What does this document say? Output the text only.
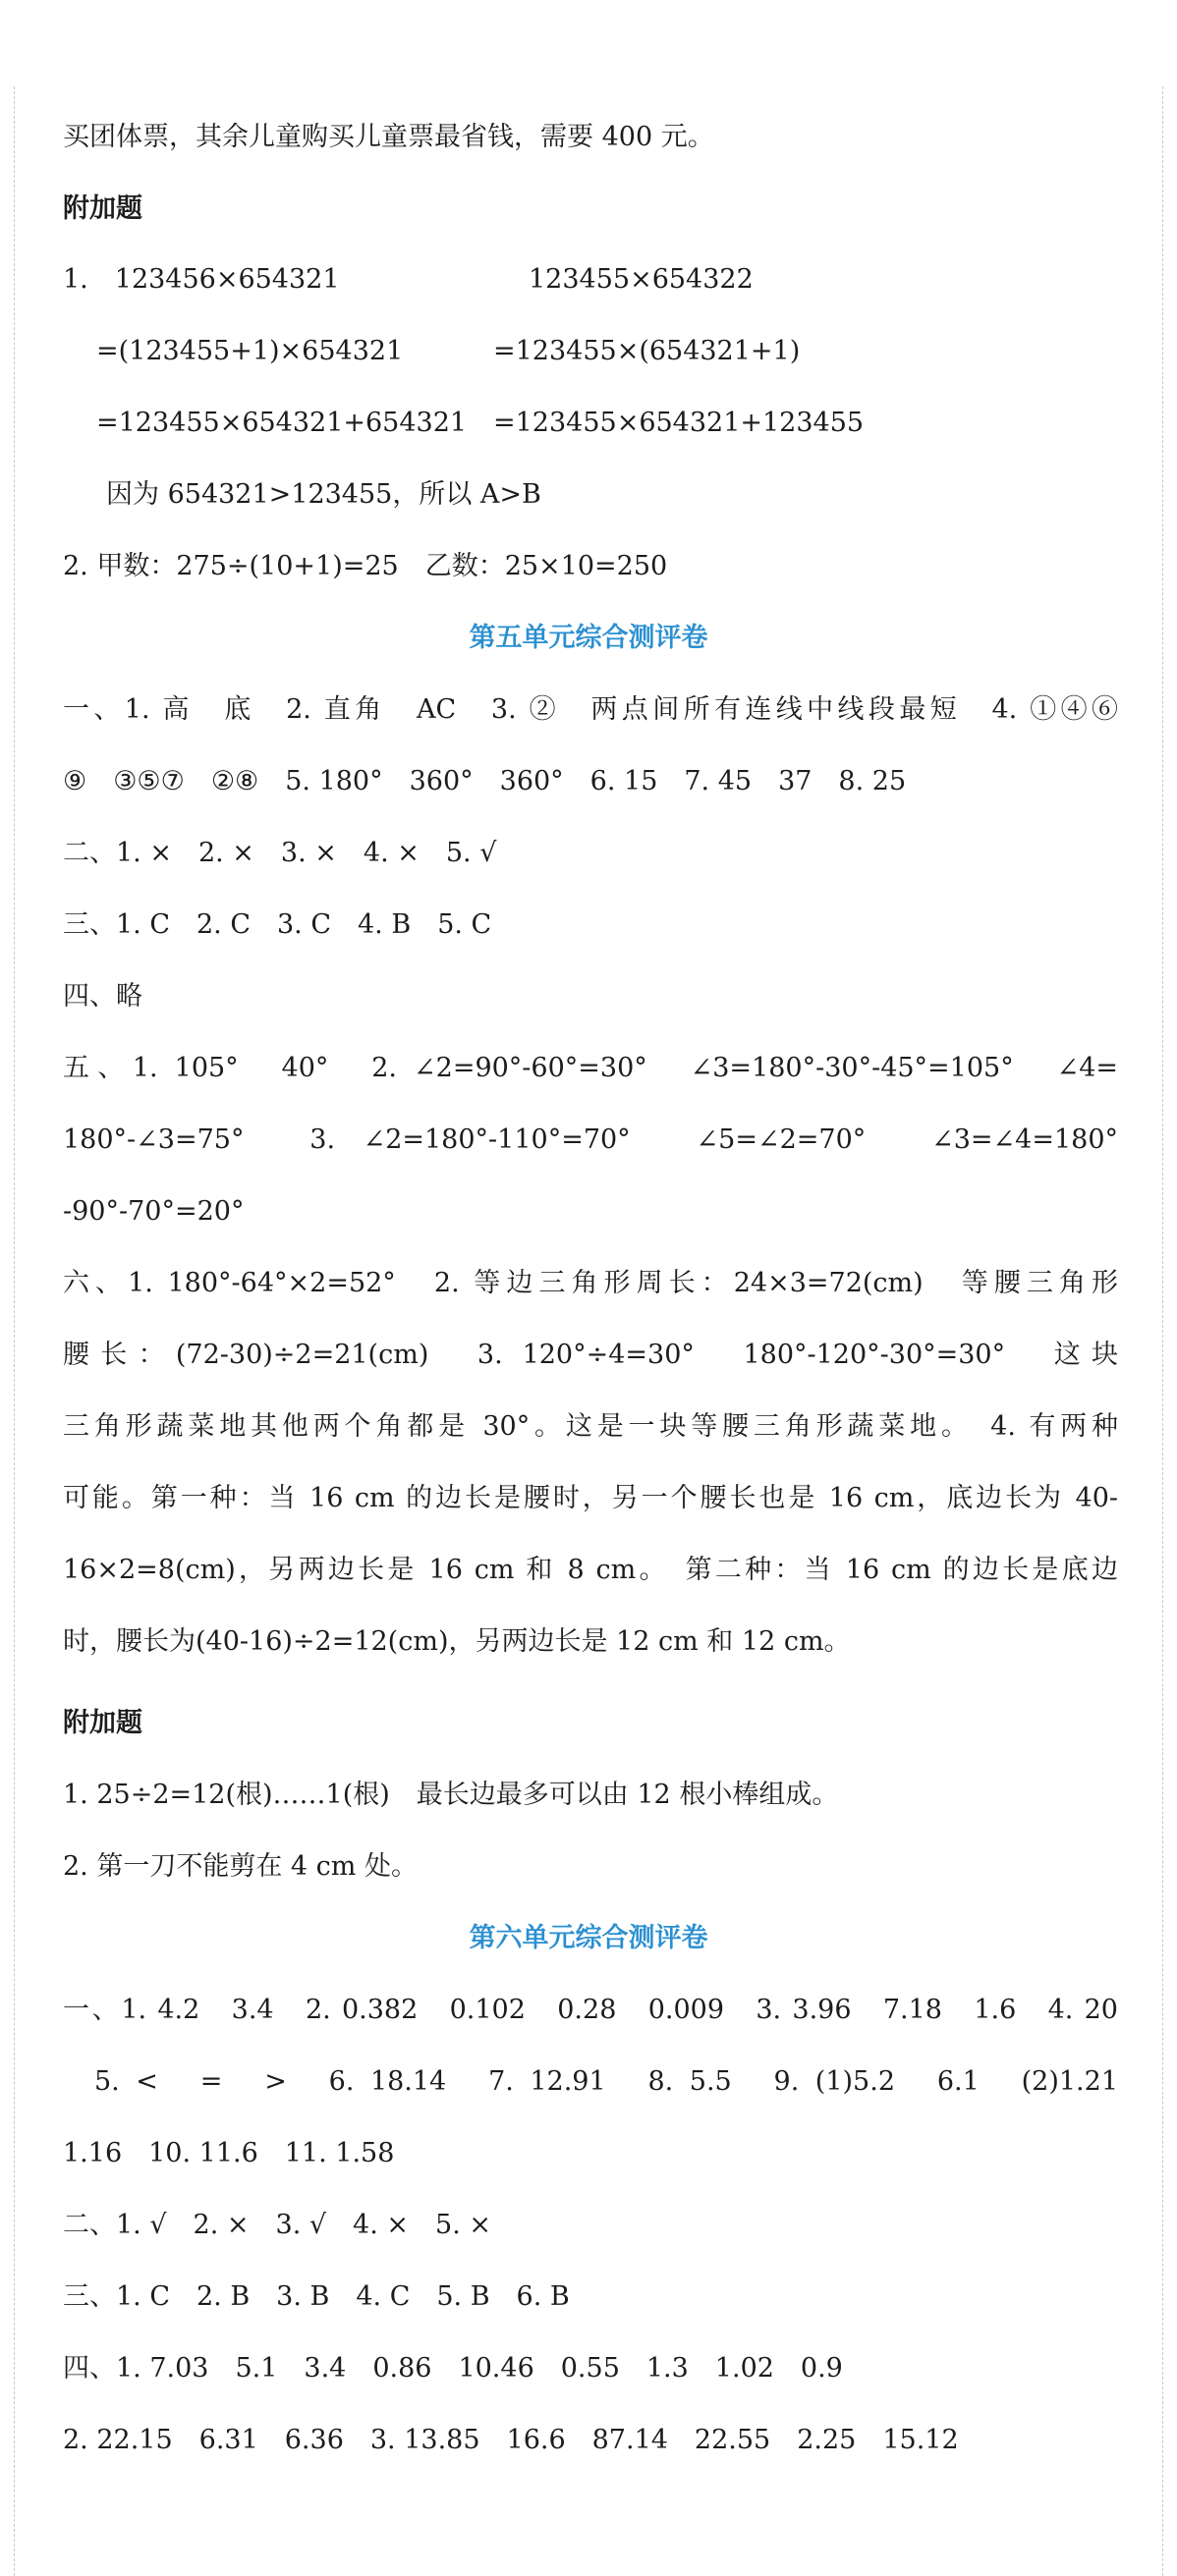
买团体票，其余儿童购买儿童票最省钱，需要 400 元。
附加题
1.　123456×654321	123455×654322
=(123455+1)×654321	=123455×(654321+1)
=123455×654321+654321 =123455×654321+123455
因为 654321>123455，所以 A>B
2. 甲数：275÷(10+1)=25　乙数：25×10=250
第五单元综合测评卷
一、1. 高　底　2. 直角　AC　3. ②　两点间所有连线中线段最短　4. ①④⑥
⑨　③⑤⑦　②⑧　5. 180°　360°　360°　6. 15　7. 45　37　8. 25
二、1. ×　2. ×　3. ×　4. ×　5. √
三、1. C　2. C　3. C　4. B　5. C
四、略
五、1. 105°　40°　2. ∠2=90°-60°=30°　∠3=180°-30°-45°=105°　∠4=
180°-∠3=75°　3. ∠2=180°-110°=70°　∠5=∠2=70°　∠3=∠4=180°
-90°-70°=20°
六、1. 180°-64°×2=52°　2. 等边三角形周长：24×3=72(cm)　等腰三角形
腰长：(72-30)÷2=21(cm)　3. 120°÷4=30°　180°-120°-30°=30°　这块
三角形蔬菜地其他两个角都是 30°。这是一块等腰三角形蔬菜地。　4. 有两种
可能。第一种：当 16 cm 的边长是腰时，另一个腰长也是 16 cm，底边长为 40-
16×2=8(cm)，另两边长是 16 cm 和 8 cm。　第二种：当 16 cm 的边长是底边
时，腰长为(40-16)÷2=12(cm)，另两边长是 12 cm 和 12 cm。
附加题
1. 25÷2=12(根)……1(根)　最长边最多可以由 12 根小棒组成。
2. 第一刀不能剪在 4 cm 处。
第六单元综合测评卷
一、1. 4.2　3.4　2. 0.382　0.102　0.28　0.009　3. 3.96　7.18　1.6　4. 20
5. <　=　>　6. 18.14　7. 12.91　8. 5.5　9. (1)5.2　6.1　(2)1.21
1.16　10. 11.6　11. 1.58
二、1. √　2. ×　3. √　4. ×　5. ×
三、1. C　2. B　3. B　4. C　5. B　6. B
四、1. 7.03　5.1　3.4　0.86　10.46　0.55　1.3　1.02　0.9
2. 22.15　6.31　6.36　3. 13.85　16.6　87.14　22.55　2.25　15.12
